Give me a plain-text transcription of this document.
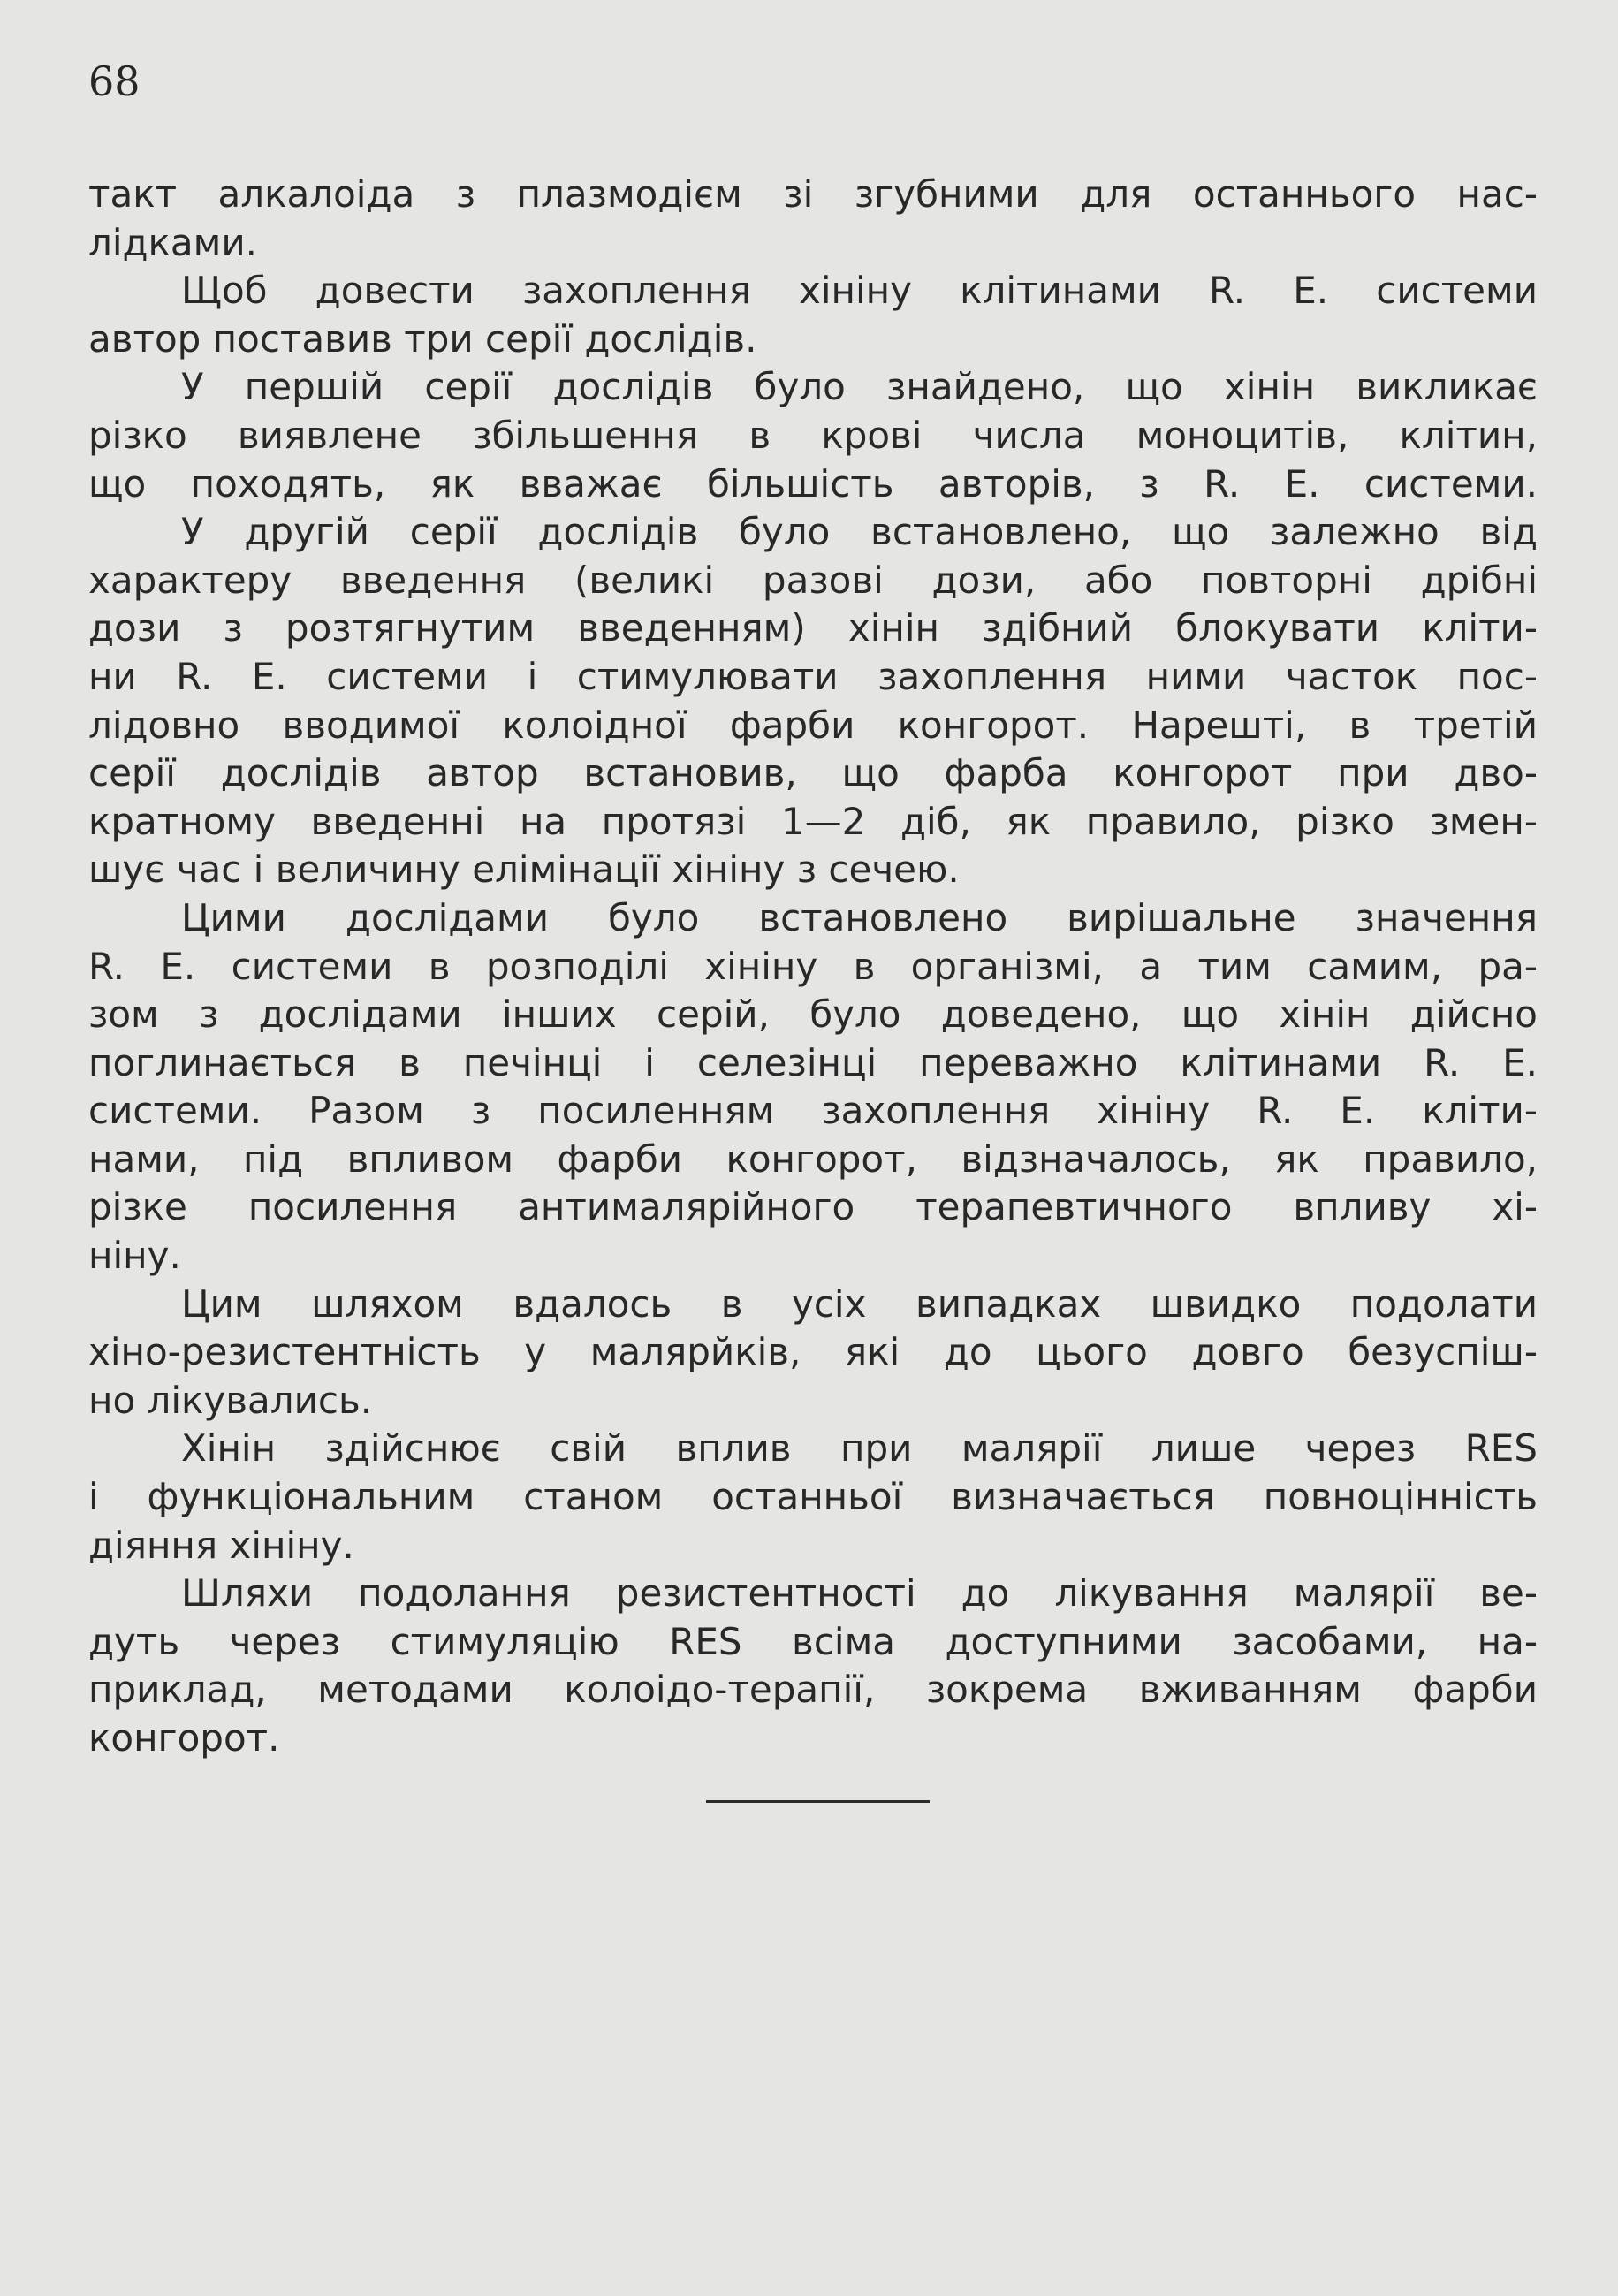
68
такт алкалоіда з плазмодієм зі згубними для останнього нас-
лідками.
Щоб довести захоплення хініну клітинами R. E. системи
автор поставив три серії дослідів.
У першій серії дослідів було знайдено, що хінін викликає
різко виявлене збільшення в крові числа моноцитів, клітин,
що походять, як вважає більшість авторів, з R. E. системи.
У другій серії дослідів було встановлено, що залежно від
характеру введення (великі разові дози, або повторні дрібні
дози з розтягнутим введенням) хінін здібний блокувати кліти-
ни R. E. системи і стимулювати захоплення ними часток пос-
лідовно вводимої колоідної фарби конгорот. Нарешті, в третій
серії дослідів автор встановив, що фарба конгорот при дво-
кратному введенні на протязі 1—2 діб, як правило, різко змен-
шує час і величину елімінації хініну з сечею.
Цими дослідами було встановлено вирішальне значення
R. E. системи в розподілі хініну в організмі, а тим самим, ра-
зом з дослідами інших серій, було доведено, що хінін дійсно
поглинається в печінці і селезінці переважно клітинами R. E.
системи. Разом з посиленням захоплення хініну R. E. кліти-
нами, під впливом фарби конгорот, відзначалось, як правило,
різке посилення антималярійного терапевтичного впливу хі-
ніну.
Цим шляхом вдалось в усіх випадках швидко подолати
хіно-резистентність у малярйків, які до цього довго безуспіш-
но лікувались.
Хінін здійснює свій вплив при малярії лише через RES
і функціональним станом останньої визначається повноцінність
діяння хініну.
Шляхи подолання резистентності до лікування малярії ве-
дуть через стимуляцію RES всіма доступними засобами, на-
приклад, методами колоідо-терапії, зокрема вживанням фарби
конгорот.
